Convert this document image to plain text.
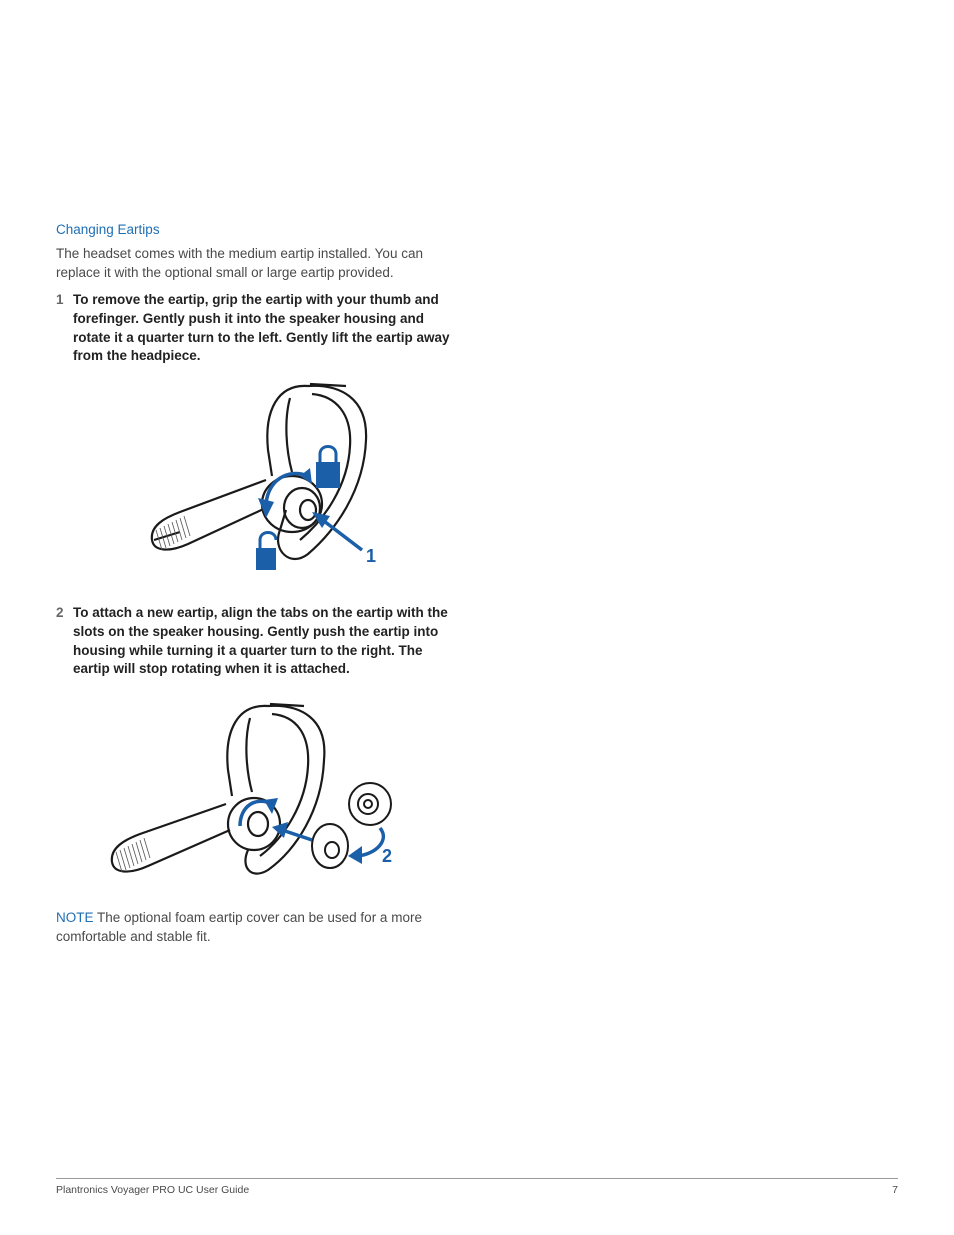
Changing Eartips
The headset comes with the medium eartip installed. You can replace it with the optional small or large eartip provided.
1 To remove the eartip, grip the eartip with your thumb and forefinger. Gently push it into the speaker housing and rotate it a quarter turn to the left. Gently lift the eartip away from the headpiece.
1
2 To attach a new eartip, align the tabs on the eartip with the slots on the speaker housing. Gently push the eartip into housing while turning it a quarter turn to the right. The eartip will stop rotating when it is attached.
2
NOTE The optional foam eartip cover can be used for a more comfortable and stable fit.
Plantronics Voyager PRO UC User Guide	7
